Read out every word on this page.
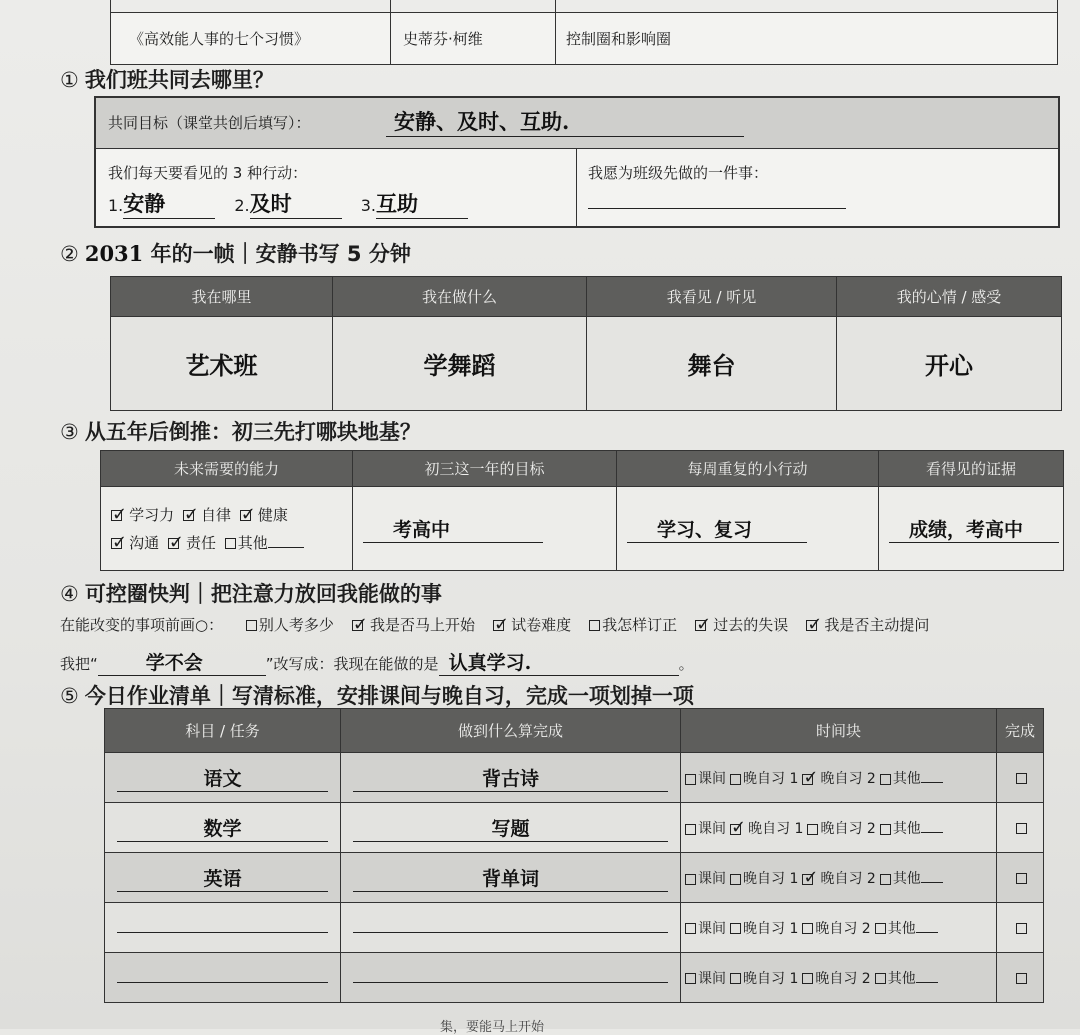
《高效能人事的七个习惯》	史蒂芬·柯维	控制圈和影响圈
① 我们班共同去哪里？
共同目标（课堂共创后填写）：	安静、及时、互助.
我们每天要看见的 3 种行动：
1.安静	2.及时	3.互助
我愿为班级先做的一件事：
② 2031 年的一帧｜安静书写 5 分钟
我在哪里	我在做什么	我看见 / 听见	我的心情 / 感受
艺术班	学舞蹈	舞台	开心
③ 从五年后倒推：初三先打哪块地基？
未来需要的能力	初三这一年的目标	每周重复的小行动	看得见的证据

✓ 学习力 ✓ 自律 ✓ 健康
✓ 沟通 ✓ 责任 其他	考高中	学习、复习	成绩，考高中
④ 可控圈快判｜把注意力放回我能做的事
在能改变的事项前画○： 别人考多少 ✓ 我是否马上开始 ✓ 试卷难度 我怎样订正 ✓ 过去的失误 ✓ 我是否主动提问
我把“	学不会	”改写成：我现在能做的是 认真学习.	。
⑤ 今日作业清单｜写清标准，安排课间与晚自习，完成一项划掉一项
科目 / 任务	做到什么算完成	时间块	完成
语文	背古诗	课间 晚自习 1 ✓ 晚自习 2 其他	
数学	写题	课间 ✓ 晚自习 1 晚自习 2 其他	
英语	背单词	课间 晚自习 1 ✓ 晚自习 2 其他	
		课间 晚自习 1 晚自习 2 其他	
		课间 晚自习 1 晚自习 2 其他	
集，要能马上开始
